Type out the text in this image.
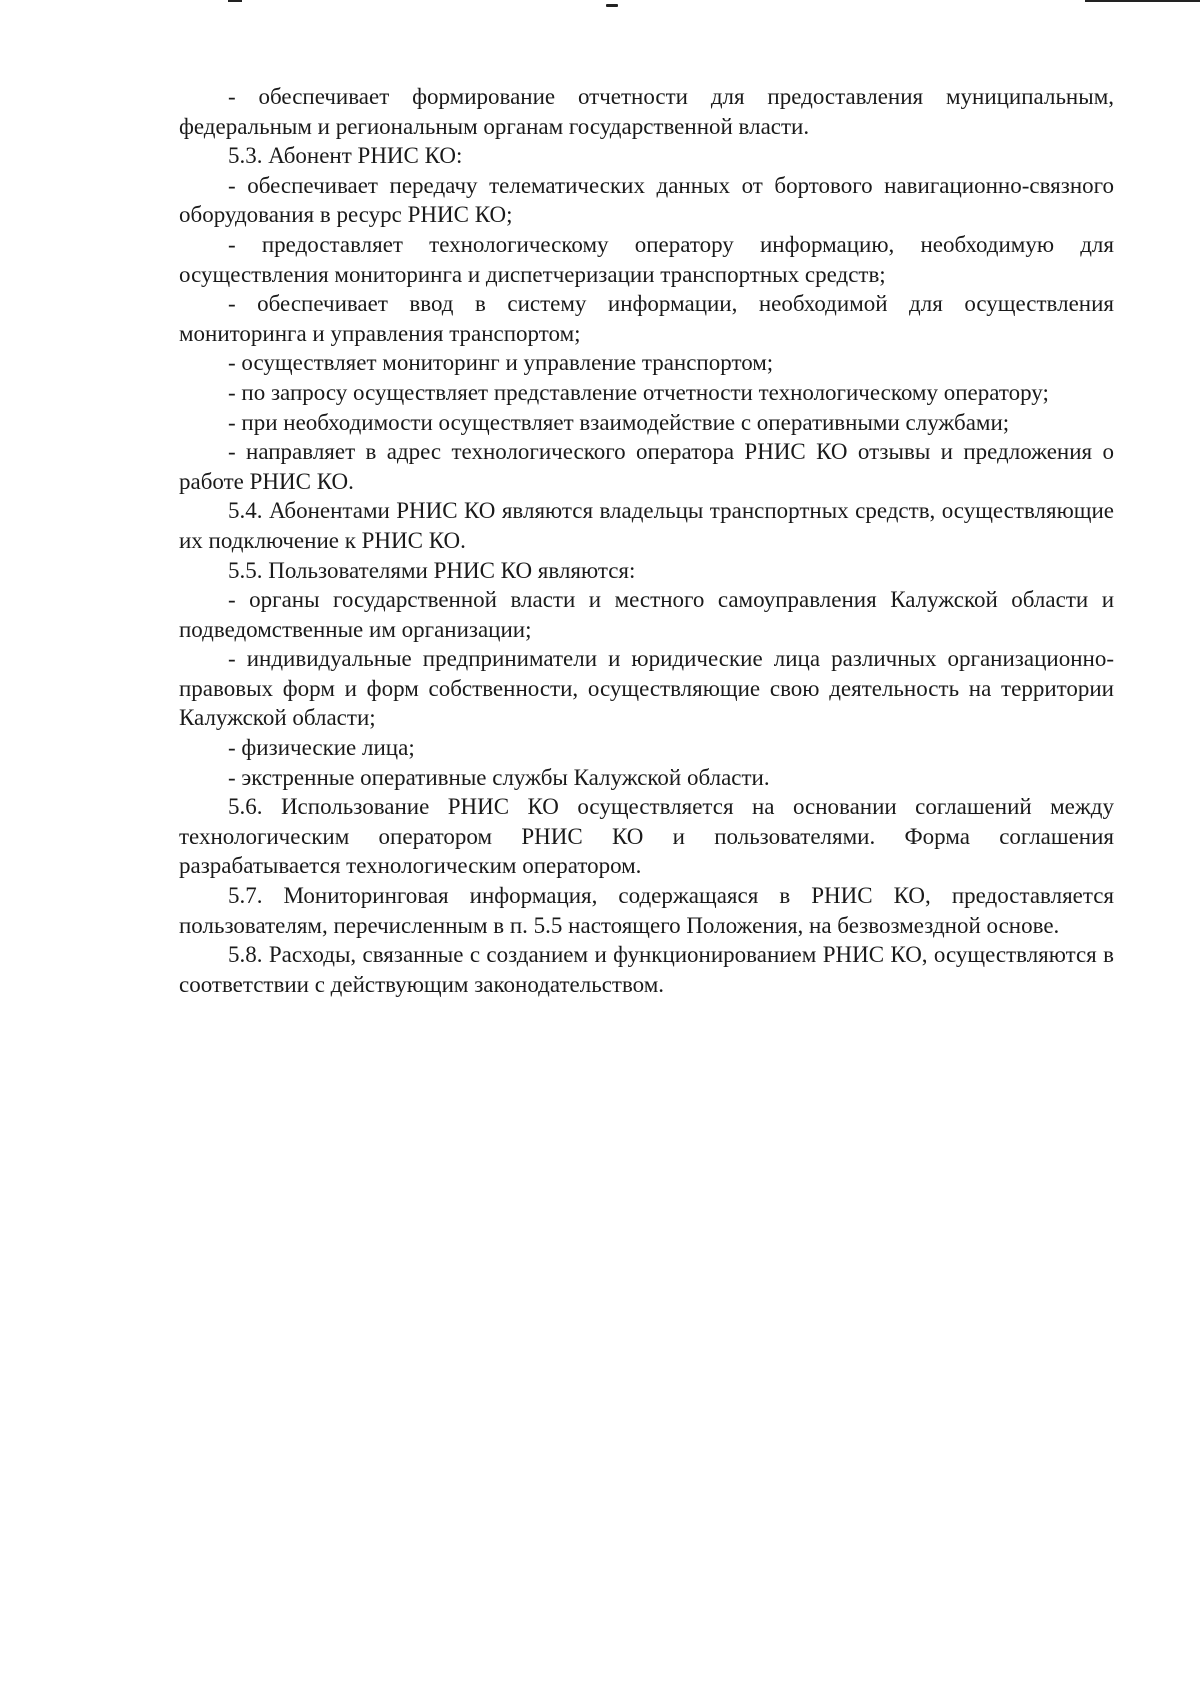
- обеспечивает формирование отчетности для предоставления муниципальным, федеральным и региональным органам государственной власти.

5.3. Абонент РНИС КО:

- обеспечивает передачу телематических данных от бортового навигационно-связного оборудования в ресурс РНИС КО;

- предоставляет технологическому оператору информацию, необходимую для осуществления мониторинга и диспетчеризации транспортных средств;

- обеспечивает ввод в систему информации, необходимой для осуществления мониторинга и управления транспортом;

- осуществляет мониторинг и управление транспортом;

- по запросу осуществляет представление отчетности технологическому оператору;

- при необходимости осуществляет взаимодействие с оперативными службами;

- направляет в адрес технологического оператора РНИС КО отзывы и предложения о работе РНИС КО.

5.4. Абонентами РНИС КО являются владельцы транспортных средств, осуществляющие их подключение к РНИС КО.

5.5. Пользователями РНИС КО являются:

- органы государственной власти и местного самоуправления Калужской области и подведомственные им организации;

- индивидуальные предприниматели и юридические лица различных организационно-правовых форм и форм собственности, осуществляющие свою деятельность на территории Калужской области;

- физические лица;

- экстренные оперативные службы Калужской области.

5.6. Использование РНИС КО осуществляется на основании соглашений между технологическим оператором РНИС КО и пользователями. Форма соглашения разрабатывается технологическим оператором.

5.7. Мониторинговая информация, содержащаяся в РНИС КО, предоставляется пользователям, перечисленным в п. 5.5 настоящего Положения, на безвозмездной основе.

5.8. Расходы, связанные с созданием и функционированием РНИС КО, осуществляются в соответствии с действующим законодательством.
